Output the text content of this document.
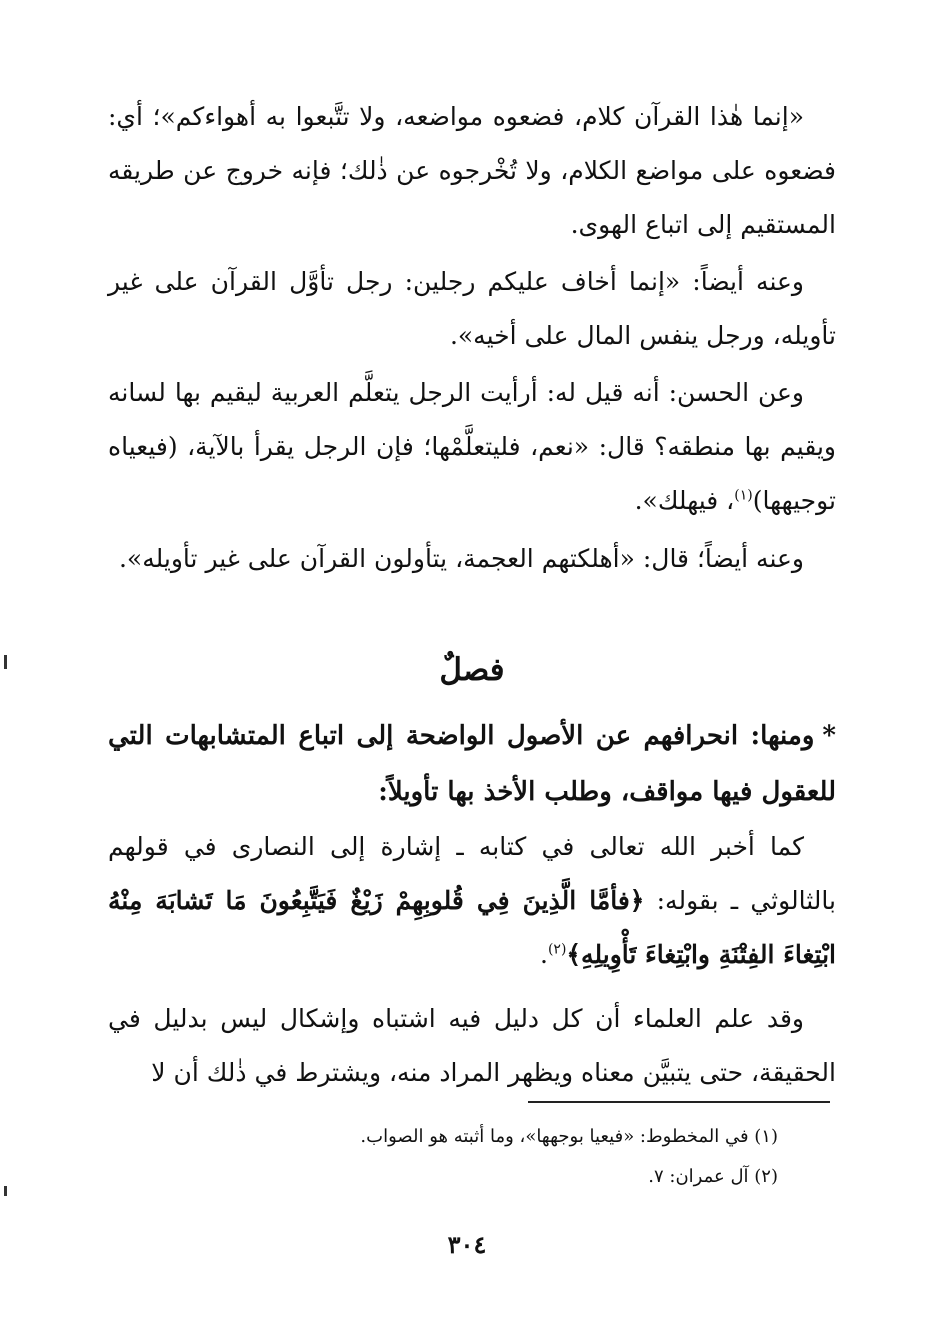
«إنما هٰذا القرآن كلام، فضعوه مواضعه، ولا تتَّبعوا به أهواءكم»؛ أي: فضعوه على مواضع الكلام، ولا تُخْرجوه عن ذٰلك؛ فإنه خروج عن طريقه المستقيم إلى اتباع الهوى.

وعنه أيضاً: «إنما أخاف عليكم رجلين: رجل تأوَّل القرآن على غير تأويله، ورجل ينفس المال على أخيه».

وعن الحسن: أنه قيل له: أرأيت الرجل يتعلَّم العربية ليقيم بها لسانه ويقيم بها منطقه؟ قال: «نعم، فليتعلَّمْها؛ فإن الرجل يقرأ بالآية، (فيعياه توجيهها)$^{(١)}$، فيهلك».

وعنه أيضاً؛ قال: «أهلكتهم العجمة، يتأولون القرآن على غير تأويله».

فصلٌ

*ومنها: انحرافهم عن الأصول الواضحة إلى اتباع المتشابهات التي للعقول فيها مواقف، وطلب الأخذ بها تأويلاً:

كما أخبر الله تعالى في كتابه ـ إشارة إلى النصارى في قولهم بالثالوثي ـ بقوله: ﴿فأمَّا الَّذِينَ فِي قُلوبِهِمْ زَيْغٌ فَيَتَّبِعُونَ مَا تَشابَهَ مِنْهُ ابْتِغاءَ الفِتْنَةِ وابْتِغاءَ تَأْوِيلِهِ﴾$^{(٢)}$.

وقد علم العلماء أن كل دليل فيه اشتباه وإشكال ليس بدليل في الحقيقة، حتى يتبيَّن معناه ويظهر المراد منه، ويشترط في ذٰلك أن لا

(١) في المخطوط: «فيعيا بوجهها»، وما أثبته هو الصواب.

(٢) آل عمران: ٧.

٣٠٤
